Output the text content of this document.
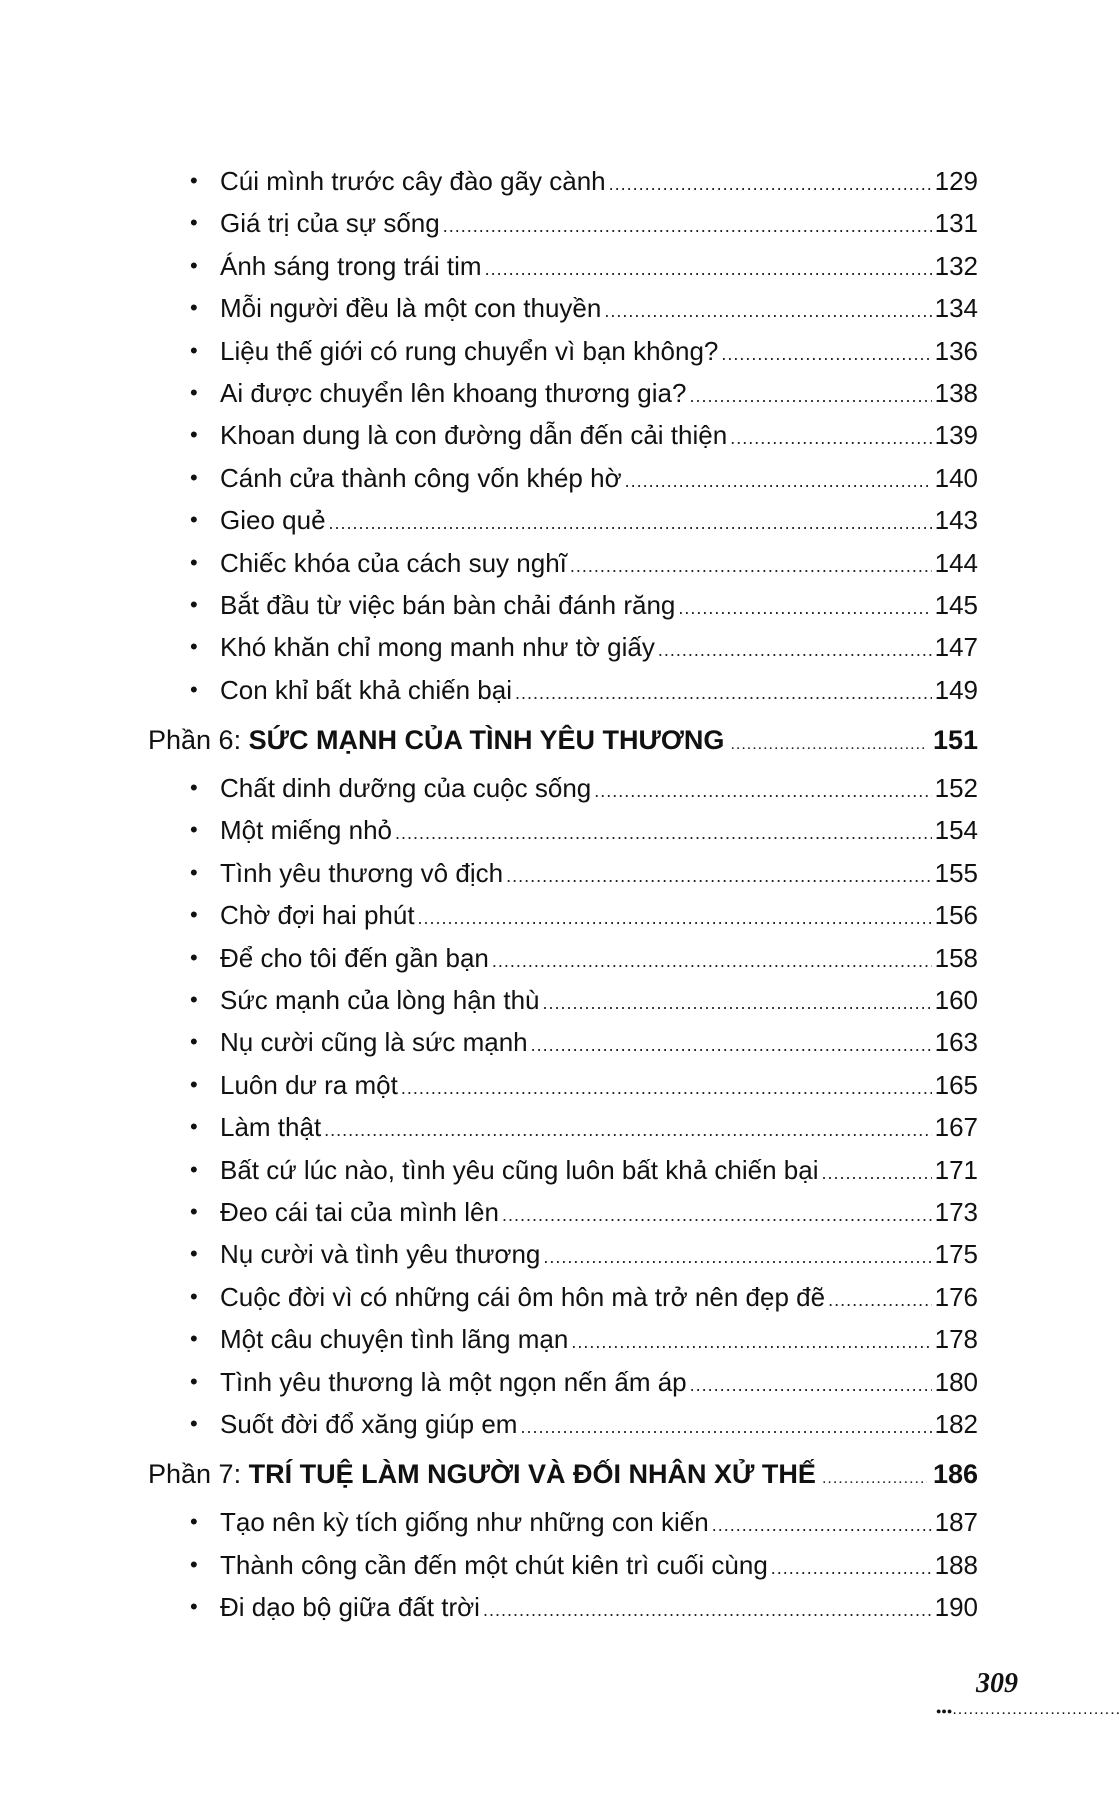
• Cúi mình trước cây đào gãy cành .....	129
• Giá trị của sự sống .....	131
• Ánh sáng trong trái tim .....	132
• Mỗi người đều là một con thuyền .....	134
• Liệu thế giới có rung chuyển vì bạn không? .....	136
• Ai được chuyển lên khoang thương gia? .....	138
• Khoan dung là con đường dẫn đến cải thiện .....	139
• Cánh cửa thành công vốn khép hờ .....	140
• Gieo quẻ .....	143
• Chiếc khóa của cách suy nghĩ .....	144
• Bắt đầu từ việc bán bàn chải đánh răng .....	145
• Khó khăn chỉ mong manh như tờ giấy .....	147
• Con khỉ bất khả chiến bại .....	149
Phần 6: SỨC MẠNH CỦA TÌNH YÊU THƯƠNG .....	151
• Chất dinh dưỡng của cuộc sống .....	152
• Một miếng nhỏ .....	154
• Tình yêu thương vô địch .....	155
• Chờ đợi hai phút .....	156
• Để cho tôi đến gần bạn .....	158
• Sức mạnh của lòng hận thù .....	160
• Nụ cười cũng là sức mạnh .....	163
• Luôn dư ra một .....	165
• Làm thật .....	167
• Bất cứ lúc nào, tình yêu cũng luôn bất khả chiến bại .....	171
• Đeo cái tai của mình lên .....	173
• Nụ cười và tình yêu thương .....	175
• Cuộc đời vì có những cái ôm hôn mà trở nên đẹp đẽ .....	176
• Một câu chuyện tình lãng mạn .....	178
• Tình yêu thương là một ngọn nến ấm áp .....	180
• Suốt đời đổ xăng giúp em .....	182
Phần 7: TRÍ TUỆ LÀM NGƯỜI VÀ ĐỐI NHÂN XỬ THẾ .....	186
• Tạo nên kỳ tích giống như những con kiến .....	187
• Thành công cần đến một chút kiên trì cuối cùng .....	188
• Đi dạo bộ giữa đất trời .....	190
309
●●● .....
